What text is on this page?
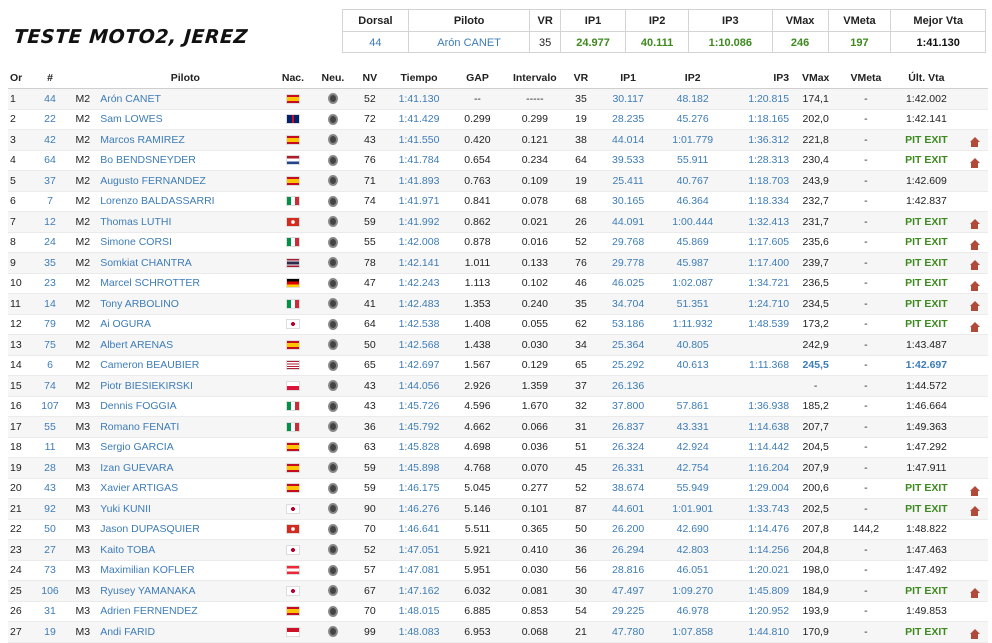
TESTE MOTO2, JEREZ
Dorsal	Piloto	VR	IP1	IP2	IP3	VMax	VMeta	Mejor Vta
44	Arón CANET	35	24.977	40.111	1:10.086	246	197	1:41.130
Or	#		Piloto	Nac.	Neu.	NV	Tiempo	GAP	Intervalo	VR	IP1	IP2	IP3	VMax	VMeta	Últ. Vta	
1	44	M2	Arón CANET			52	1:41.130	--	-----	35	30.117	48.182	1:20.815	174,1	-	1:42.002	
2	22	M2	Sam LOWES			72	1:41.429	0.299	0.299	19	28.235	45.276	1:18.165	202,0	-	1:42.141	
3	42	M2	Marcos RAMIREZ			43	1:41.550	0.420	0.121	38	44.014	1:01.779	1:36.312	221,8	-	PIT EXIT	
4	64	M2	Bo BENDSNEYDER			76	1:41.784	0.654	0.234	64	39.533	55.911	1:28.313	230,4	-	PIT EXIT	
5	37	M2	Augusto FERNANDEZ			71	1:41.893	0.763	0.109	19	25.411	40.767	1:18.703	243,9	-	1:42.609	
6	7	M2	Lorenzo BALDASSARRI			74	1:41.971	0.841	0.078	68	30.165	46.364	1:18.334	232,7	-	1:42.837	
7	12	M2	Thomas LUTHI			59	1:41.992	0.862	0.021	26	44.091	1:00.444	1:32.413	231,7	-	PIT EXIT	
8	24	M2	Simone CORSI			55	1:42.008	0.878	0.016	52	29.768	45.869	1:17.605	235,6	-	PIT EXIT	
9	35	M2	Somkiat CHANTRA			78	1:42.141	1.011	0.133	76	29.778	45.987	1:17.400	239,7	-	PIT EXIT	
10	23	M2	Marcel SCHROTTER			47	1:42.243	1.113	0.102	46	46.025	1:02.087	1:34.721	236,5	-	PIT EXIT	
11	14	M2	Tony ARBOLINO			41	1:42.483	1.353	0.240	35	34.704	51.351	1:24.710	234,5	-	PIT EXIT	
12	79	M2	Ai OGURA			64	1:42.538	1.408	0.055	62	53.186	1:11.932	1:48.539	173,2	-	PIT EXIT	
13	75	M2	Albert ARENAS			50	1:42.568	1.438	0.030	34	25.364	40.805		242,9	-	1:43.487	
14	6	M2	Cameron BEAUBIER			65	1:42.697	1.567	0.129	65	25.292	40.613	1:11.368	245,5	-	1:42.697	
15	74	M2	Piotr BIESIEKIRSKI			43	1:44.056	2.926	1.359	37	26.136			-	-	1:44.572	
16	107	M3	Dennis FOGGIA			43	1:45.726	4.596	1.670	32	37.800	57.861	1:36.938	185,2	-	1:46.664	
17	55	M3	Romano FENATI			36	1:45.792	4.662	0.066	31	26.837	43.331	1:14.638	207,7	-	1:49.363	
18	11	M3	Sergio GARCIA			63	1:45.828	4.698	0.036	51	26.324	42.924	1:14.442	204,5	-	1:47.292	
19	28	M3	Izan GUEVARA			59	1:45.898	4.768	0.070	45	26.331	42.754	1:16.204	207,9	-	1:47.911	
20	43	M3	Xavier ARTIGAS			59	1:46.175	5.045	0.277	52	38.674	55.949	1:29.004	200,6	-	PIT EXIT	
21	92	M3	Yuki KUNII			90	1:46.276	5.146	0.101	87	44.601	1:01.901	1:33.743	202,5	-	PIT EXIT	
22	50	M3	Jason DUPASQUIER			70	1:46.641	5.511	0.365	50	26.200	42.690	1:14.476	207,8	144,2	1:48.822	
23	27	M3	Kaito TOBA			52	1:47.051	5.921	0.410	36	26.294	42.803	1:14.256	204,8	-	1:47.463	
24	73	M3	Maximilian KOFLER			57	1:47.081	5.951	0.030	56	28.816	46.051	1:20.021	198,0	-	1:47.492	
25	106	M3	Ryusey YAMANAKA			67	1:47.162	6.032	0.081	30	47.497	1:09.270	1:45.809	184,9	-	PIT EXIT	
26	31	M3	Adrien FERNENDEZ			70	1:48.015	6.885	0.853	54	29.225	46.978	1:20.952	193,9	-	1:49.853	
27	19	M3	Andi FARID			99	1:48.083	6.953	0.068	21	47.780	1:07.858	1:44.810	170,9	-	PIT EXIT	
